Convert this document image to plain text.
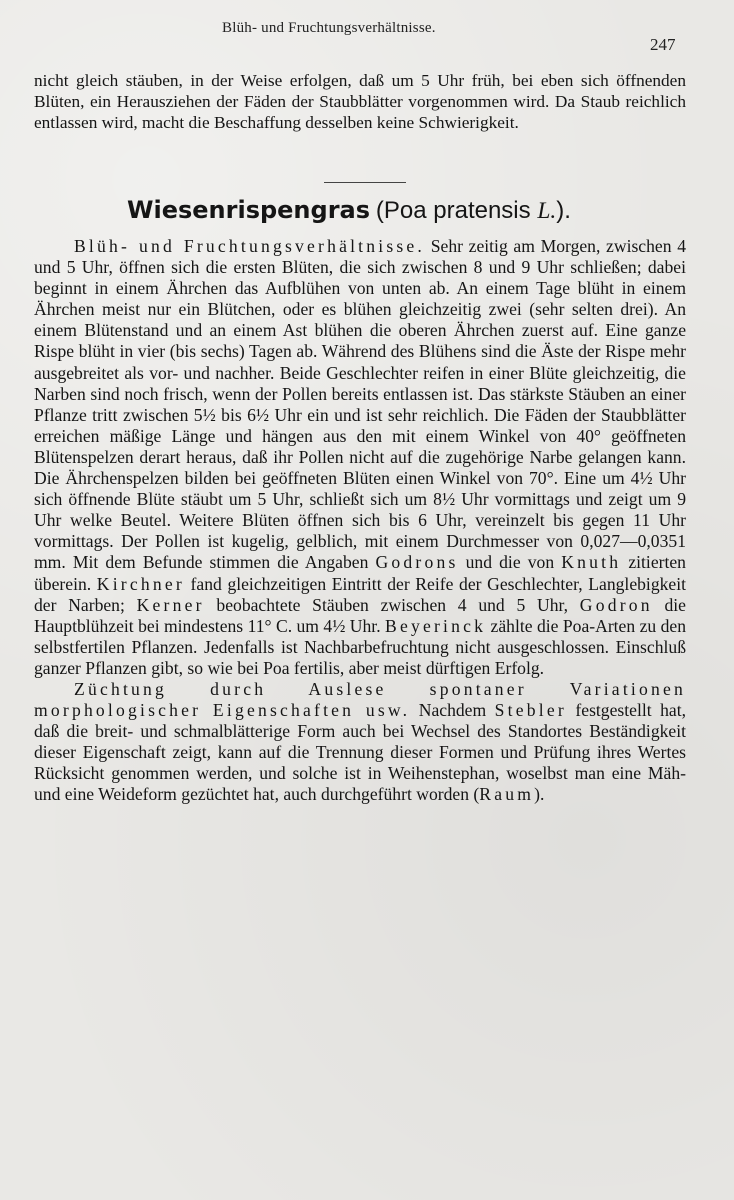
Blüh- und Fruchtungsverhältnisse.
247

nicht gleich stäuben, in der Weise erfolgen, daß um 5 Uhr früh, bei eben sich öffnenden Blüten, ein Herausziehen der Fäden der Staubblätter vorgenommen wird. Da Staub reichlich entlassen wird, macht die Beschaffung desselben keine Schwierigkeit.

Wiesenrispengras (Poa pratensis L.).

Blüh- und Fruchtungsverhältnisse. Sehr zeitig am Morgen, zwischen 4 und 5 Uhr, öffnen sich die ersten Blüten, die sich zwischen 8 und 9 Uhr schließen; dabei beginnt in einem Ährchen das Aufblühen von unten ab. An einem Tage blüht in einem Ährchen meist nur ein Blütchen, oder es blühen gleichzeitig zwei (sehr selten drei). An einem Blütenstand und an einem Ast blühen die oberen Ährchen zuerst auf. Eine ganze Rispe blüht in vier (bis sechs) Tagen ab. Während des Blühens sind die Äste der Rispe mehr ausgebreitet als vor- und nachher. Beide Geschlechter reifen in einer Blüte gleichzeitig, die Narben sind noch frisch, wenn der Pollen bereits entlassen ist. Das stärkste Stäuben an einer Pflanze tritt zwischen 5½ bis 6½ Uhr ein und ist sehr reichlich. Die Fäden der Staubblätter erreichen mäßige Länge und hängen aus den mit einem Winkel von 40° geöffneten Blütenspelzen derart heraus, daß ihr Pollen nicht auf die zugehörige Narbe gelangen kann. Die Ährchenspelzen bilden bei geöffneten Blüten einen Winkel von 70°. Eine um 4½ Uhr sich öffnende Blüte stäubt um 5 Uhr, schließt sich um 8½ Uhr vormittags und zeigt um 9 Uhr welke Beutel. Weitere Blüten öffnen sich bis 6 Uhr, vereinzelt bis gegen 11 Uhr vormittags. Der Pollen ist kugelig, gelblich, mit einem Durchmesser von 0,027—0,0351 mm. Mit dem Befunde stimmen die Angaben Godrons und die von Knuth zitierten überein. Kirchner fand gleichzeitigen Eintritt der Reife der Geschlechter, Langlebigkeit der Narben; Kerner beobachtete Stäuben zwischen 4 und 5 Uhr, Godron die Hauptblühzeit bei mindestens 11° C. um 4½ Uhr. Beyerinck zählte die Poa-Arten zu den selbstfertilen Pflanzen. Jedenfalls ist Nachbarbefruchtung nicht ausgeschlossen. Einschluß ganzer Pflanzen gibt, so wie bei Poa fertilis, aber meist dürftigen Erfolg.

Züchtung durch Auslese spontaner Variationen morphologischer Eigenschaften usw. Nachdem Stebler festgestellt hat, daß die breit- und schmalblätterige Form auch bei Wechsel des Standortes Beständigkeit dieser Eigenschaft zeigt, kann auf die Trennung dieser Formen und Prüfung ihres Wertes Rücksicht genommen werden, und solche ist in Weihenstephan, woselbst man eine Mäh- und eine Weideform gezüchtet hat, auch durchgeführt worden (Raum).
